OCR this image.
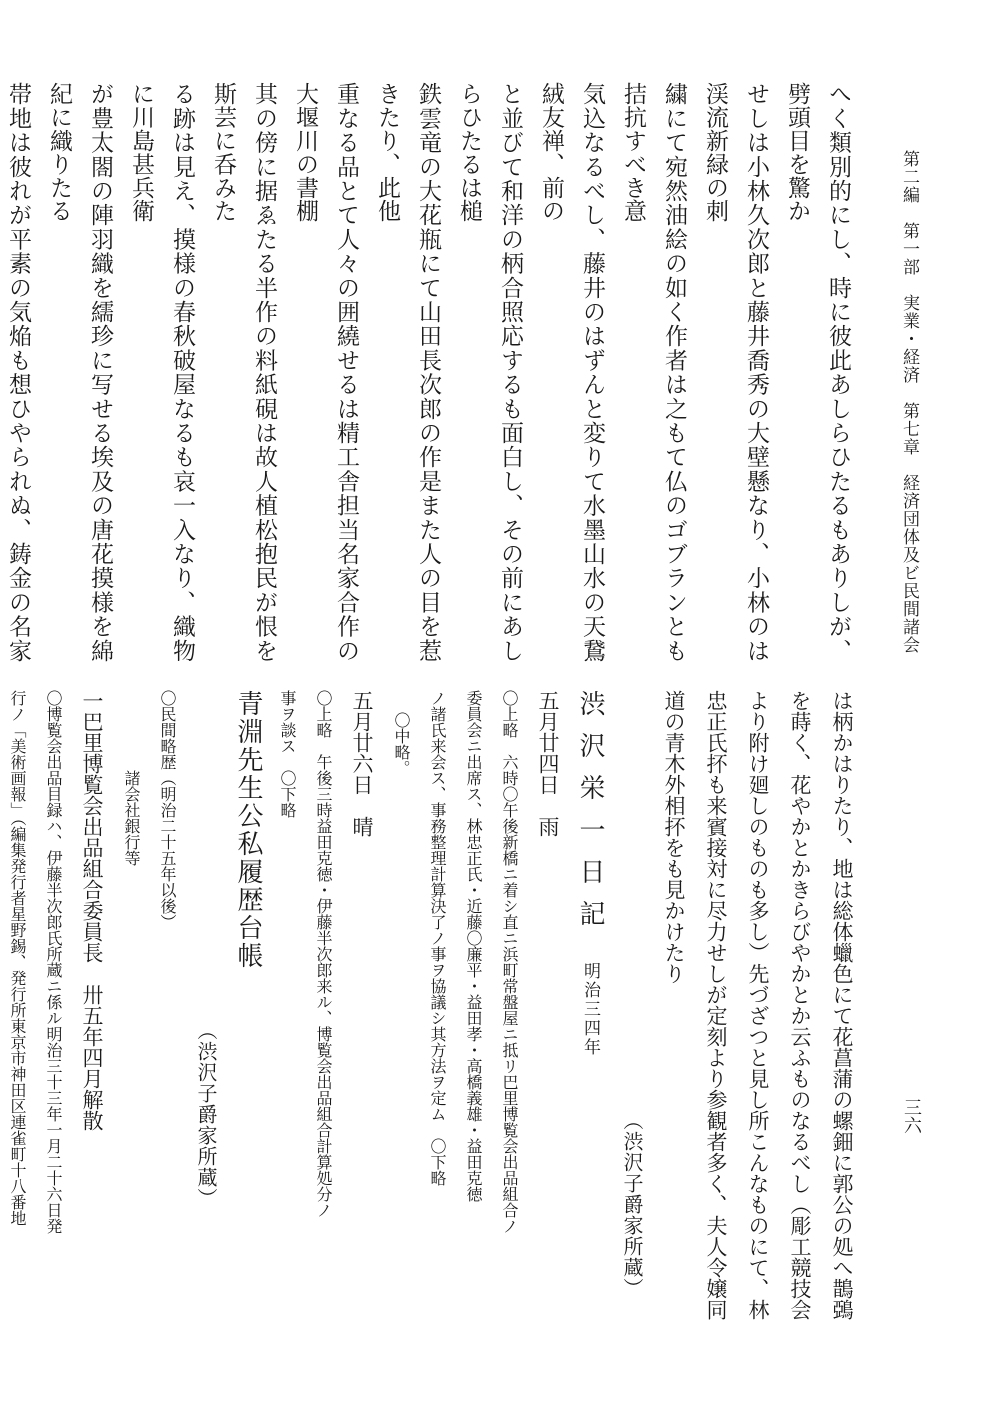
第二編　第一部　実業・経済　第七章　経済団体及ビ民間諸会
三六

へく類別的にし、時に彼此あしらひたるもありしが、劈頭目を驚か

せしは小林久次郎と藤井喬秀の大壁懸なり、小林のは渓流新緑の刺

繍にて宛然油絵の如く作者は之もて仏のゴブランとも拮抗すべき意

気込なるべし、藤井のはずんと変りて水墨山水の天鵞絨友禅、前の

と並びて和洋の柄合照応するも面白し、その前にあしらひたるは槌

鉄雲竜の大花瓶にて山田長次郎の作是また人の目を惹きたり、此他

重なる品とて人々の囲繞せるは精工舎担当名家合作の大堰川の書棚

其の傍に据ゑたる半作の料紙硯は故人植松抱民が恨を斯芸に呑みた

る跡は見え、摸様の春秋破屋なるも哀一入なり、織物に川島甚兵衛

が豊太閤の陣羽織を繻珍に写せる埃及の唐花摸様を綿紀に織りたる

帯地は彼れが平素の気焔も想ひやられぬ、鋳金の名家

は柄かはりたり、地は総体蠟色にて花菖蒲の螺鈿に郭公の処へ鵲鵶

を蒔く、花やかとかきらびやかとか云ふものなるべし（彫工競技会

より附け廻しのものも多し）先づざつと見し所こんなものにて、林

忠正氏抔も来賓接対に尽力せしが定刻より参観者多く、夫人令嬢同

道の青木外相抔をも見かけたり

（渋沢子爵家所蔵）

渋沢栄一日記明治三四年

五月廿四日　雨

〇上略　六時〇午後新橋ニ着シ直ニ浜町常盤屋ニ抵リ巴里博覧会出品組合ノ

委員会ニ出席ス、林忠正氏・近藤〇廉平・益田孝・高橋義雄・益田克徳

ノ諸氏来会ス、事務整理計算決了ノ事ヲ協議シ其方法ヲ定ム　〇下略

〇中略。

五月廿六日　晴

〇上略　午後三時益田克徳・伊藤半次郎来ル、博覧会出品組合計算処分ノ

事ヲ談ス　〇下略

青淵先生公私履歴台帳

（渋沢子爵家所蔵）

〇民間略歴（明治二十五年以後）

諸会社銀行等

一巴里博覧会出品組合委員長　卅五年四月解散

〇博覧会出品目録ハ、伊藤半次郎氏所蔵ニ係ル明治三十三年一月二十六日発

行ノ「美術画報」（編集発行者星野錫、発行所東京市神田区連雀町十八番地
